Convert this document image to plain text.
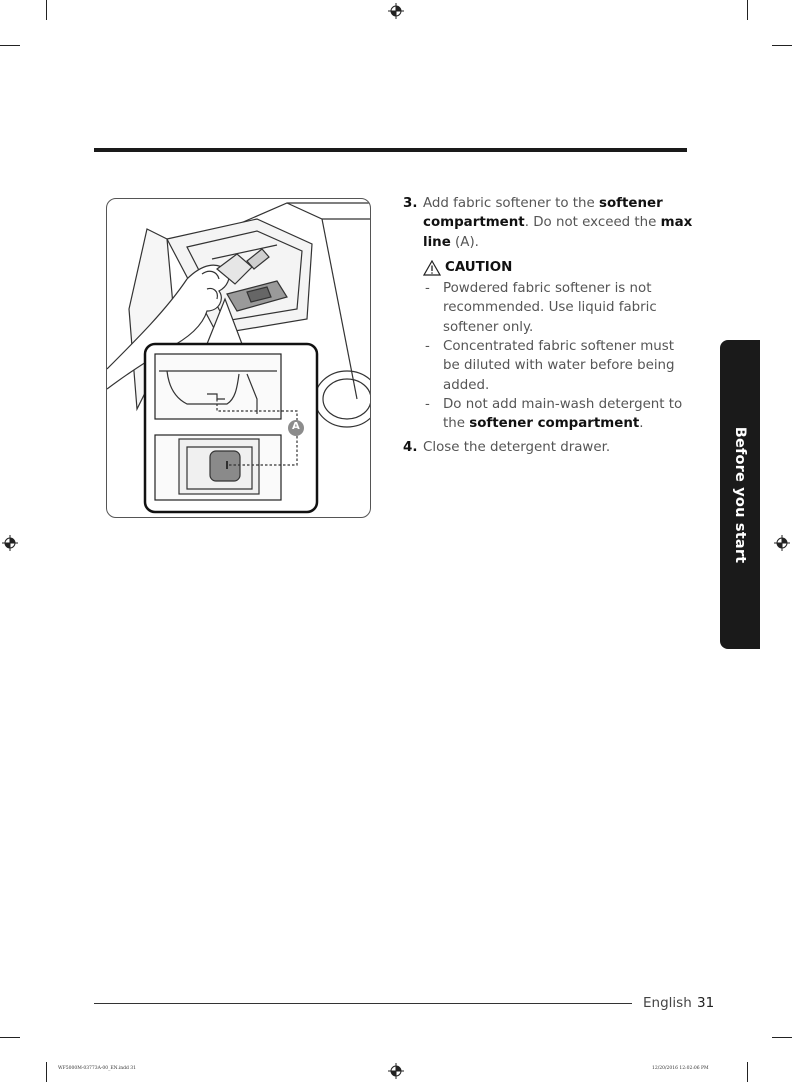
A
3. Add fabric softener to the softener compartment. Do not exceed the max line (A).
CAUTION
- Powdered fabric softener is not recommended. Use liquid fabric softener only.
- Concentrated fabric softener must be diluted with water before being added.
- Do not add main-wash detergent to the softener compartment.
4. Close the detergent drawer.	Before you start
English 31
WF5000M-03773A-00_EN.indd 31	12/20/2016 12:02:06 PM
